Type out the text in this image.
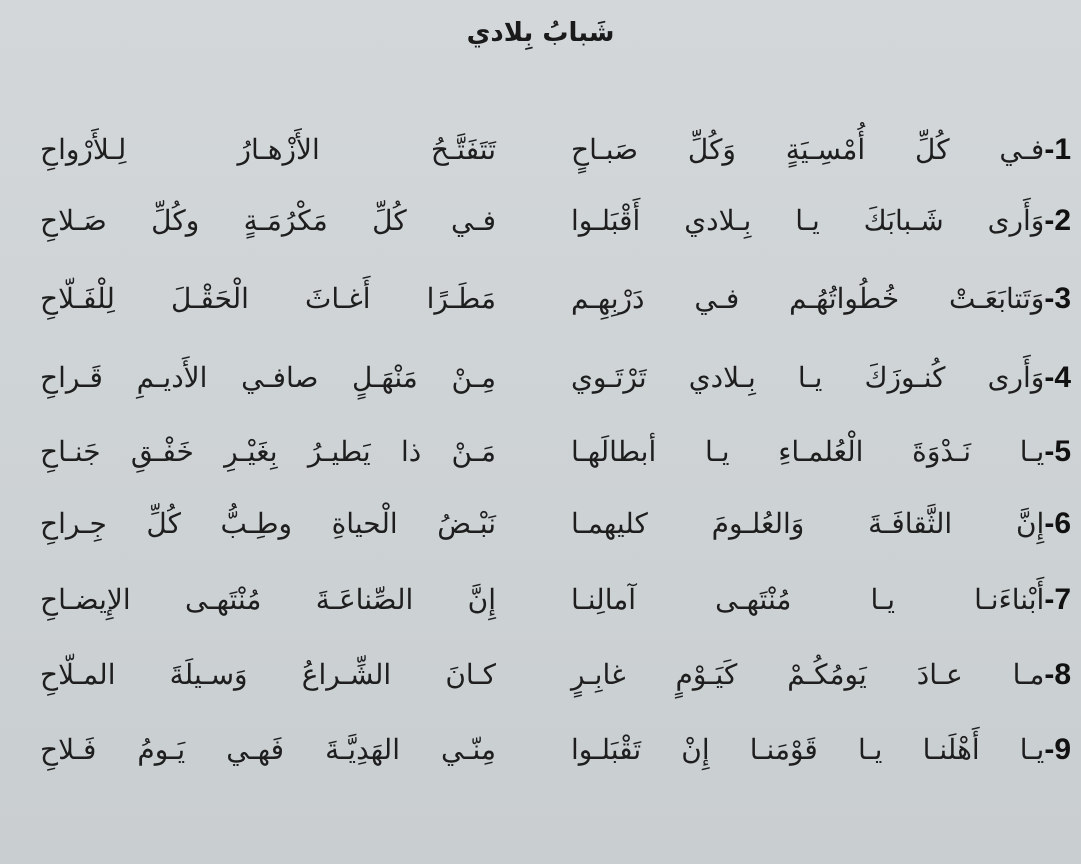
شَبابُ بِلادي
1-فـي كُلِّ أُمْسِـيَةٍ وَكُلِّ صَبـاحٍ
تَتَفَتَّـحُ الأَزْهـارُ لِـلأَرْواحِ
2-وَأَرى شَـبابَكَ يـا بِـلادي أَقْبَلـوا
فـي كُلِّ مَكْرُمَـةٍ وكُلِّ صَـلاحِ
3-وَتَتابَعَـتْ خُطُواتُهُـم فـي دَرْبِهِـم
مَطَـرًا أَغـاثَ الْحَقْـلَ لِلْفَـلّاحِ
4-وَأَرى كُنـوزَكَ يـا بِـلادي تَرْتَـوي
مِـنْ مَنْهَـلٍ صافـي الأَديـمِ قَـراحِ
5-يـا نَـدْوَةَ الْعُلمـاءِ يـا أبطالَهـا
مَـنْ ذا يَطيـرُ بِغَيْـرِ خَفْـقِ جَنـاحِ
6-إِنَّ الثَّقافَـةَ وَالعُلـومَ كليهمـا
نَبْـضُ الْحياةِ وطِـبُّ كُلِّ جِـراحِ
7-أَبْناءَنـا يـا مُنْتَهـى آمالِنـا
إِنَّ الصِّناعَـةَ مُنْتَهـى الإِيضـاحِ
8-مـا عـادَ يَومُكُـمْ كَيَـوْمٍ غابِـرٍ
كـانَ الشِّـراعُ وَسـيلَةَ المـلّاحِ
9-يـا أَهْلَنـا يـا قَوْمَنـا إِنْ تَقْبَلـوا
مِنّـي الهَدِيَّـةَ فَهـي يَـومُ فَـلاحِ
